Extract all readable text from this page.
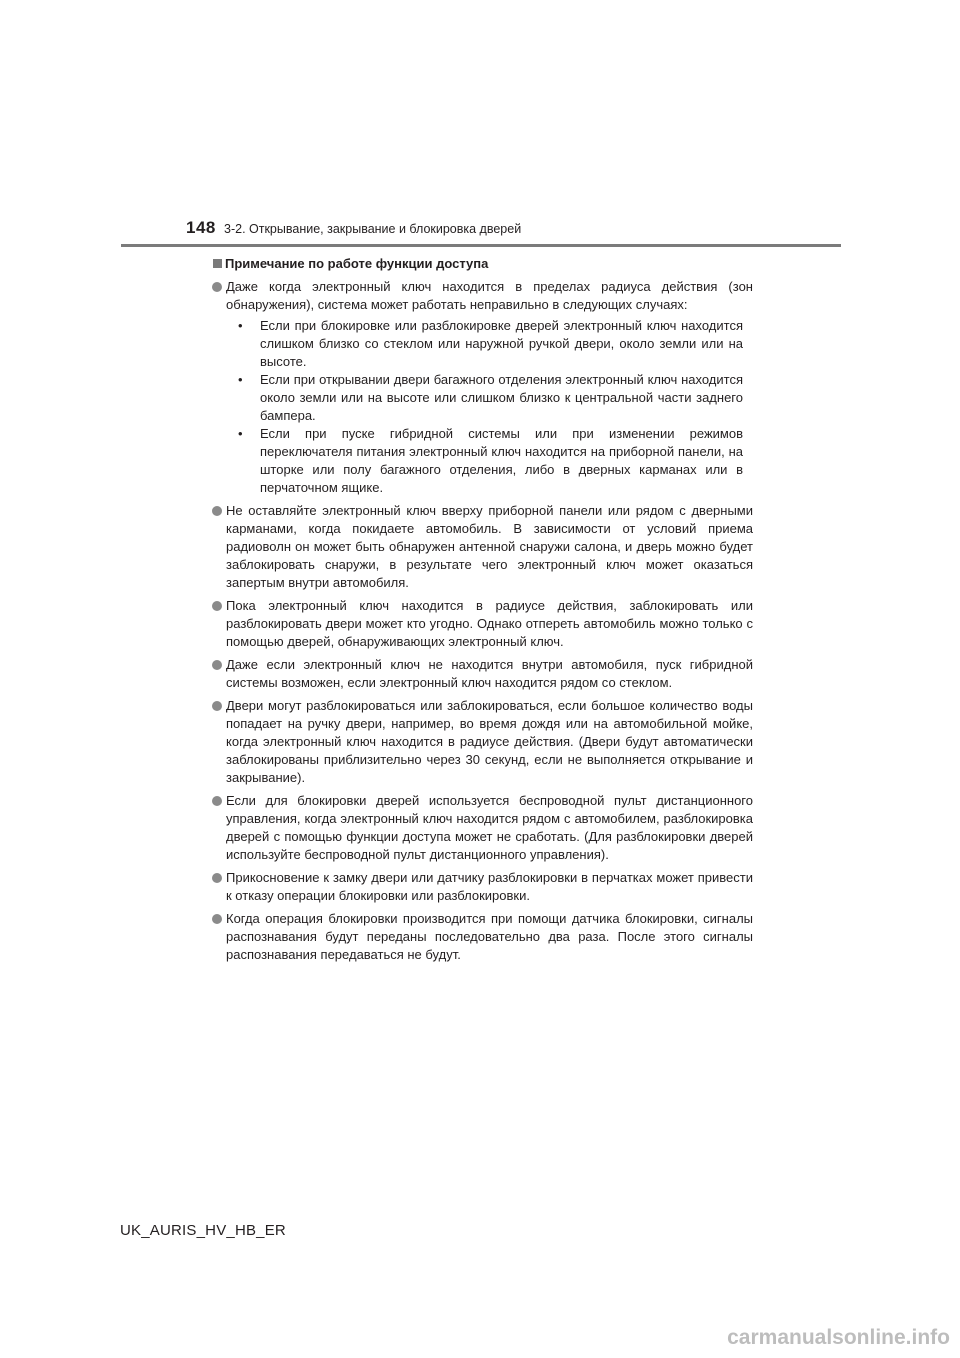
148 3-2. Открывание, закрывание и блокировка дверей
Примечание по работе функции доступа
Даже когда электронный ключ находится в пределах радиуса действия (зон обнаружения), система может работать неправильно в следующих случаях:
• Если при блокировке или разблокировке дверей электронный ключ находится слишком близко со стеклом или наружной ручкой двери, около земли или на высоте.
• Если при открывании двери багажного отделения электронный ключ находится около земли или на высоте или слишком близко к центральной части заднего бампера.
• Если при пуске гибридной системы или при изменении режимов переключателя питания электронный ключ находится на приборной панели, на шторке или полу багажного отделения, либо в дверных карманах или в перчаточном ящике.
Не оставляйте электронный ключ вверху приборной панели или рядом с дверными карманами, когда покидаете автомобиль. В зависимости от условий приема радиоволн он может быть обнаружен антенной снаружи салона, и дверь можно будет заблокировать снаружи, в результате чего электронный ключ может оказаться запертым внутри автомобиля.
Пока электронный ключ находится в радиусе действия, заблокировать или разблокировать двери может кто угодно. Однако отпереть автомобиль можно только с помощью дверей, обнаруживающих электронный ключ.
Даже если электронный ключ не находится внутри автомобиля, пуск гибридной системы возможен, если электронный ключ находится рядом со стеклом.
Двери могут разблокироваться или заблокироваться, если большое количество воды попадает на ручку двери, например, во время дождя или на автомобильной мойке, когда электронный ключ находится в радиусе действия. (Двери будут автоматически заблокированы приблизительно через 30 секунд, если не выполняется открывание и закрывание).
Если для блокировки дверей используется беспроводной пульт дистанционного управления, когда электронный ключ находится рядом с автомобилем, разблокировка дверей с помощью функции доступа может не сработать. (Для разблокировки дверей используйте беспроводной пульт дистанционного управления).
Прикосновение к замку двери или датчику разблокировки в перчатках может привести к отказу операции блокировки или разблокировки.
Когда операция блокировки производится при помощи датчика блокировки, сигналы распознавания будут переданы последовательно два раза. После этого сигналы распознавания передаваться не будут.
UK_AURIS_HV_HB_ER
carmanualsonline.info
